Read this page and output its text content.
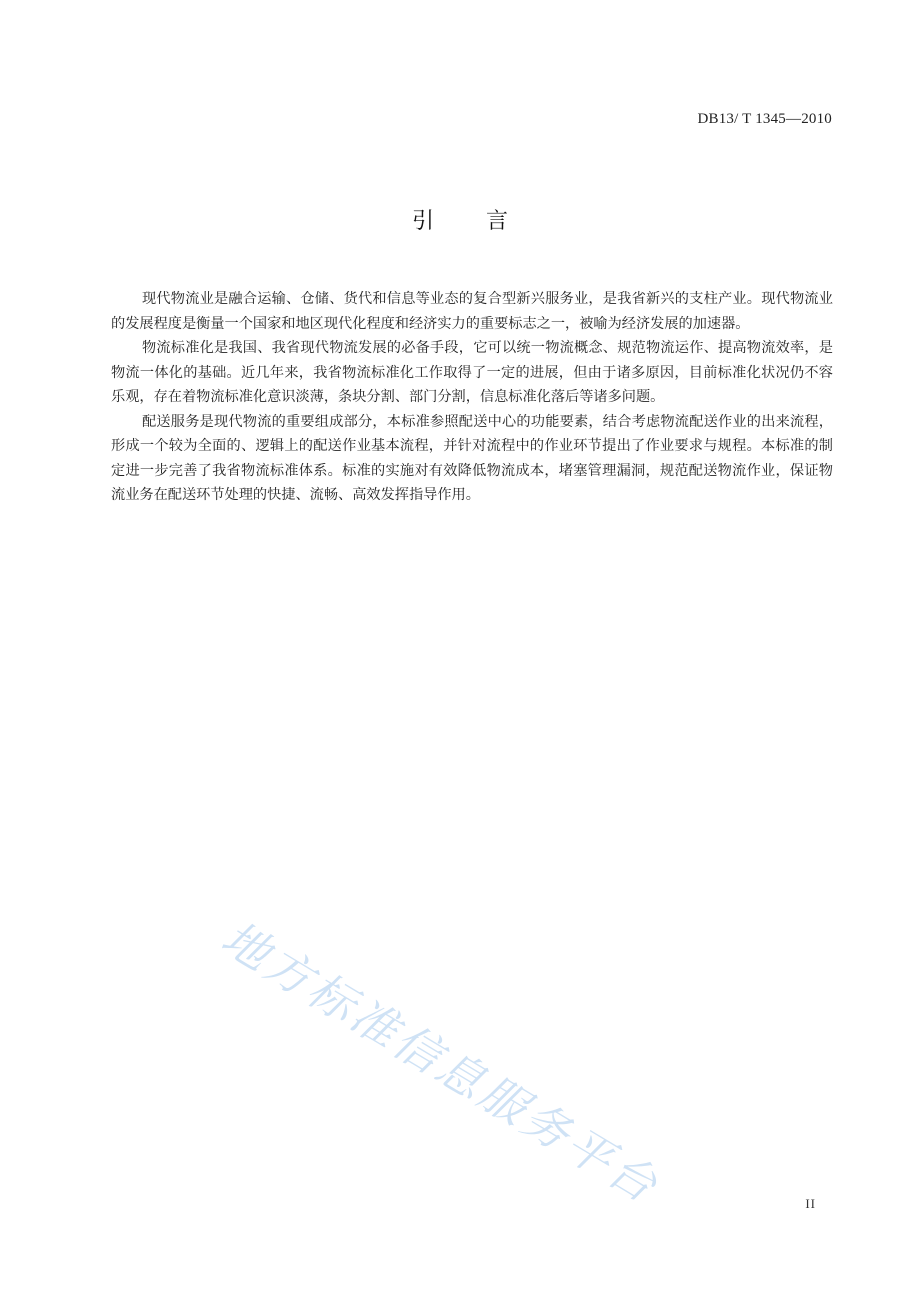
DB13/ T 1345—2010
引 言

现代物流业是融合运输、仓储、货代和信息等业态的复合型新兴服务业，是我省新兴的支柱产业。现代物流业的发展程度是衡量一个国家和地区现代化程度和经济实力的重要标志之一，被喻为经济发展的加速器。

物流标准化是我国、我省现代物流发展的必备手段，它可以统一物流概念、规范物流运作、提高物流效率，是物流一体化的基础。近几年来，我省物流标准化工作取得了一定的进展，但由于诸多原因，目前标准化状况仍不容乐观，存在着物流标准化意识淡薄，条块分割、部门分割，信息标准化落后等诸多问题。

配送服务是现代物流的重要组成部分，本标准参照配送中心的功能要素，结合考虑物流配送作业的出来流程，形成一个较为全面的、逻辑上的配送作业基本流程，并针对流程中的作业环节提出了作业要求与规程。本标准的制定进一步完善了我省物流标准体系。标准的实施对有效降低物流成本，堵塞管理漏洞，规范配送物流作业，保证物流业务在配送环节处理的快捷、流畅、高效发挥指导作用。

地方标准信息服务平台	II
